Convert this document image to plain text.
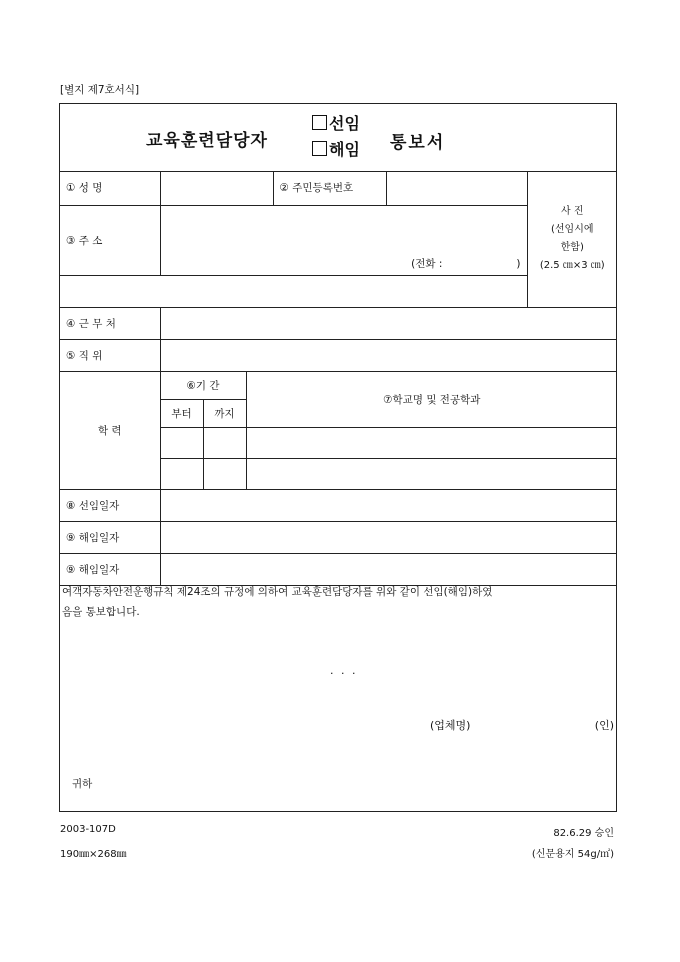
[별지 제7호서식]
교육훈련담당자
선임
해임 통보서
① 성 명				② 주민등록번호		사 진
(선임시에
한함)
(2.5 ㎝×3 ㎝)

③ 주 소	(전화 : )					

④ 근 무 처						
⑤ 직 위						
학 력	⑥기 간		⑦학교명 및 전공학과			
	부터	까지				

⑧ 선임일자						
⑨ 해임일자						
⑨ 해임일자						
여객자동차안전운행규칙 제24조의 규정에 의하여 교육훈련담당자를 위와 같이 선임(해임)하였
음을 통보합니다.
. . .
(업체명)	(인)
귀하
2003-107D
190㎜×268㎜
82.6.29 승인
(신문용지 54g/㎡)
